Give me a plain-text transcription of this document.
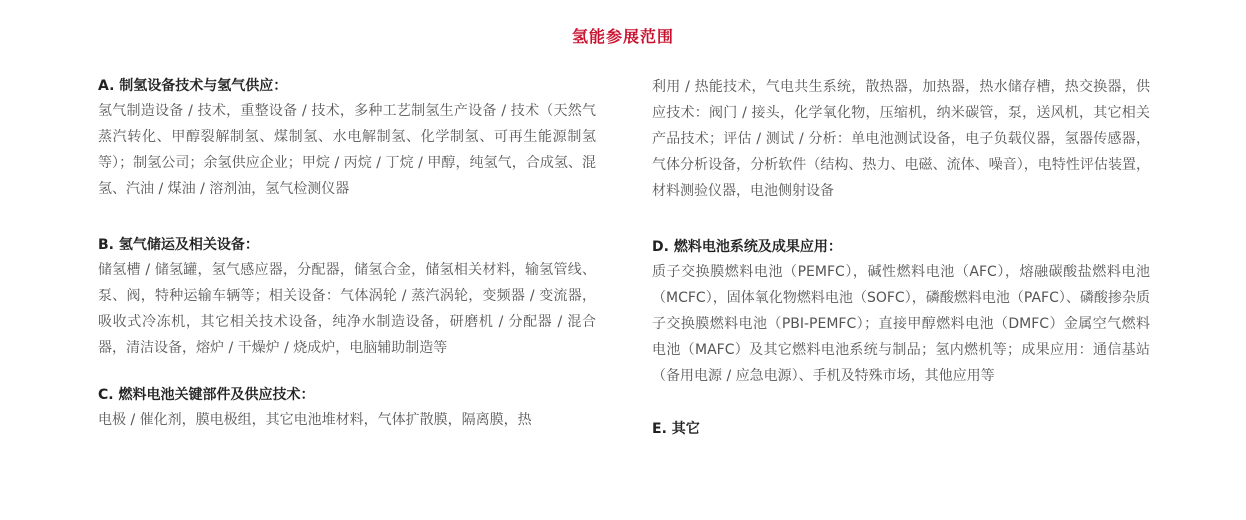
氢能参展范围

A. 制氢设备技术与氢气供应：

氢气制造设备 / 技术，重整设备 / 技术，多种工艺制氢生产设备 / 技术（天然气蒸汽转化、甲醇裂解制氢、煤制氢、水电解制氢、化学制氢、可再生能源制氢等）；制氢公司；余氢供应企业；甲烷 / 丙烷 / 丁烷 / 甲醇，纯氢气，合成氢、混氢、汽油 / 煤油 / 溶剂油，氢气检测仪器

B. 氢气储运及相关设备：

储氢槽 / 储氢罐，氢气感应器，分配器，储氢合金，储氢相关材料，输氢管线、泵、阀，特种运输车辆等；相关设备：气体涡轮 / 蒸汽涡轮，变频器 / 变流器，吸收式冷冻机，其它相关技术设备，纯净水制造设备，研磨机 / 分配器 / 混合器，清洁设备，熔炉 / 干燥炉 / 烧成炉，电脑辅助制造等

C. 燃料电池关键部件及供应技术：

电极 / 催化剂，膜电极组，其它电池堆材料，气体扩散膜，隔离膜，热

利用 / 热能技术，气电共生系统，散热器，加热器，热水储存槽，热交换器，供应技术：阀门 / 接头，化学氧化物，压缩机，纳米碳管，泵，送风机，其它相关产品技术；评估 / 测试 / 分析：单电池测试设备，电子负载仪器，氢器传感器，气体分析设备，分析软件（结构、热力、电磁、流体、噪音），电特性评估装置，材料测验仪器，电池侧射设备

D. 燃料电池系统及成果应用：

质子交换膜燃料电池（PEMFC），碱性燃料电池（AFC），熔融碳酸盐燃料电池（MCFC），固体氧化物燃料电池（SOFC），磷酸燃料电池（PAFC）、磷酸掺杂质子交换膜燃料电池（PBI-PEMFC）；直接甲醇燃料电池（DMFC）金属空气燃料电池（MAFC）及其它燃料电池系统与制品；氢内燃机等；成果应用：通信基站（备用电源 / 应急电源）、手机及特殊市场，其他应用等

E. 其它
